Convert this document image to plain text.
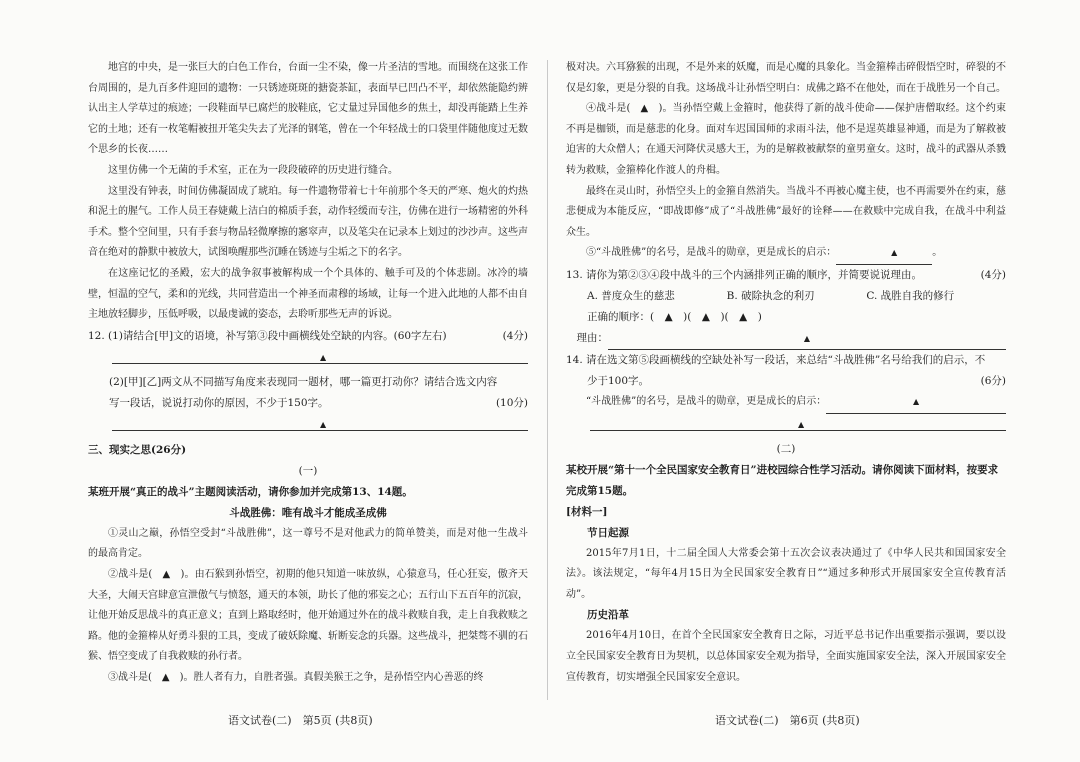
地宫的中央，是一张巨大的白色工作台，台面一尘不染，像一片圣洁的雪地。而围绕在这张工作台周围的，是九百多件迎回的遗物：一只锈迹斑斑的搪瓷茶缸，表面早已凹凸不平，却依然能隐约辨认出主人学草过的痕迹；一段鞋面早已腐烂的胶鞋底，它丈量过异国他乡的焦土，却没再能踏上生养它的土地；还有一枚笔帽被扭开笔尖失去了光泽的钢笔，曾在一个年轻战士的口袋里伴随他度过无数个思乡的长夜……

这里仿佛一个无菌的手术室，正在为一段段破碎的历史进行缝合。

这里没有钟表，时间仿佛凝固成了琥珀。每一件遗物带着七十年前那个冬天的严寒、炮火的灼热和泥土的腥气。工作人员王春婕戴上洁白的棉质手套，动作轻缓而专注，仿佛在进行一场精密的外科手术。整个空间里，只有手套与物品轻微摩擦的窸窣声，以及笔尖在记录本上划过的沙沙声。这些声音在绝对的静默中被放大，试图唤醒那些沉睡在锈迹与尘垢之下的名字。

在这座记忆的圣殿，宏大的战争叙事被解构成一个个具体的、触手可及的个体悲剧。冰冷的墙壁，恒温的空气，柔和的光线，共同营造出一个神圣而肃穆的场域，让每一个进入此地的人都不由自主地放轻脚步，压低呼吸，以最虔诚的姿态，去聆听那些无声的诉说。

(4分)
12. (1)请结合[甲]文的语境，补写第③段中画横线处空缺的内容。(60字左右)

▲

(2)[甲][乙]两文从不同描写角度来表现同一题材，哪一篇更打动你？请结合选文内容

(10分)
写一段话，说说打动你的原因，不少于150字。

▲

三、现实之思(26分)

(一)

某班开展“真正的战斗”主题阅读活动，请你参加并完成第13、14题。

斗战胜佛：唯有战斗才能成圣成佛

①灵山之巅，孙悟空受封“斗战胜佛”，这一尊号不是对他武力的简单赞美，而是对他一生战斗的最高肯定。

②战斗是(　▲　)。由石猴到孙悟空，初期的他只知道一味放纵，心猿意马，任心狂妄，傲齐天大圣，大闹天宫肆意宣泄傲气与愤怒，通天的本领，助长了他的邪妄之心；五行山下五百年的沉寂，让他开始反思战斗的真正意义；直到上路取经时，他开始通过外在的战斗救赎自我，走上自我救赎之路。他的金箍棒从好勇斗狠的工具，变成了破妖除魔、斩断妄念的兵器。这些战斗，把桀骜不驯的石猴、悟空变成了自我救赎的孙行者。

③战斗是(　▲　)。胜人者有力，自胜者强。真假美猴王之争，是孙悟空内心善恶的终

极对决。六耳猕猴的出现，不是外来的妖魔，而是心魔的具象化。当金箍棒击碎假悟空时，碎裂的不仅是幻象，更是分裂的自我。这场战斗让孙悟空明白：成佛之路不在他处，而在于战胜另一个自己。

④战斗是(　▲　)。当孙悟空戴上金箍时，他获得了新的战斗使命——保护唐僧取经。这个约束不再是枷锁，而是慈悲的化身。面对车迟国国师的求雨斗法，他不是逞英雄显神通，而是为了解救被迫害的大众僧人；在通天河降伏灵感大王，为的是解救被献祭的童男童女。这时，战斗的武器从杀戮转为救赎，金箍棒化作渡人的舟楫。

最终在灵山时，孙悟空头上的金箍自然消失。当战斗不再被心魔主使，也不再需要外在约束，慈悲便成为本能反应，“即战即修”成了“斗战胜佛”最好的诠释——在救赎中完成自我，在战斗中利益众生。

⑤“斗战胜佛”的名号，是战斗的勋章，更是成长的启示：	▲	。

(4分)
13. 请你为第②③④段中战斗的三个内涵排列正确的顺序，并简要说说理由。

A. 普度众生的慈悲	B. 破除执念的利刃	C. 战胜自我的修行

正确的顺序：(　▲　)(　▲　)(　▲　)

理由：	▲

14. 请在选文第⑤段画横线的空缺处补写一段话，来总结“斗战胜佛”名号给我们的启示，不

(6分)
少于100字。

“斗战胜佛”的名号，是战斗的勋章，更是成长的启示：	▲

▲

(二)

某校开展“第十一个全民国家安全教育日”进校园综合性学习活动。请你阅读下面材料，按要求完成第15题。

[材料一]

节日起源

2015年7月1日，十二届全国人大常委会第十五次会议表决通过了《中华人民共和国国家安全法》。该法规定，“每年4月15日为全民国家安全教育日”“通过多种形式开展国家安全宣传教育活动”。

历史沿革

2016年4月10日，在首个全民国家安全教育日之际，习近平总书记作出重要指示强调，要以设立全民国家安全教育日为契机，以总体国家安全观为指导，全面实施国家安全法，深入开展国家安全宣传教育，切实增强全民国家安全意识。

语文试卷(二)　第5页 (共8页)	语文试卷(二)　第6页 (共8页)
